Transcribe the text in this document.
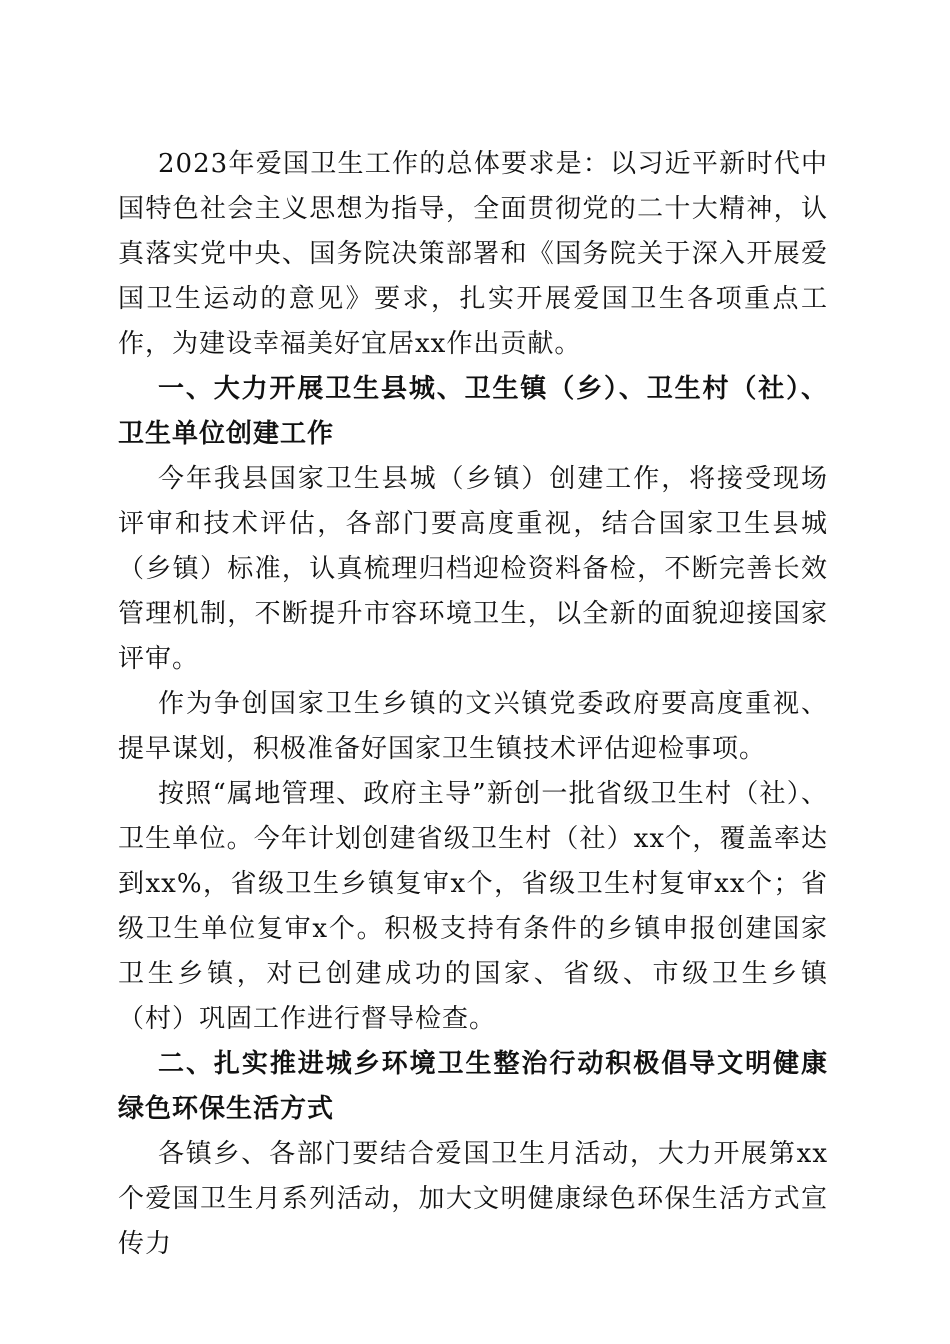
2023年爱国卫生工作的总体要求是：以习近平新时代中国特色社会主义思想为指导，全面贯彻党的二十大精神，认真落实党中央、国务院决策部署和《国务院关于深入开展爱国卫生运动的意见》要求，扎实开展爱国卫生各项重点工作，为建设幸福美好宜居xx作出贡献。

一、大力开展卫生县城、卫生镇（乡）、卫生村（社）、卫生单位创建工作

今年我县国家卫生县城（乡镇）创建工作，将接受现场评审和技术评估，各部门要高度重视，结合国家卫生县城（乡镇）标准，认真梳理归档迎检资料备检，不断完善长效管理机制，不断提升市容环境卫生，以全新的面貌迎接国家评审。

作为争创国家卫生乡镇的文兴镇党委政府要高度重视、提早谋划，积极准备好国家卫生镇技术评估迎检事项。

按照“属地管理、政府主导”新创一批省级卫生村（社）、卫生单位。今年计划创建省级卫生村（社）xx个，覆盖率达到xx%，省级卫生乡镇复审x个，省级卫生村复审xx个；省级卫生单位复审x个。积极支持有条件的乡镇申报创建国家卫生乡镇，对已创建成功的国家、省级、市级卫生乡镇（村）巩固工作进行督导检查。

二、扎实推进城乡环境卫生整治行动积极倡导文明健康绿色环保生活方式

各镇乡、各部门要结合爱国卫生月活动，大力开展第xx个爱国卫生月系列活动，加大文明健康绿色环保生活方式宣传力
